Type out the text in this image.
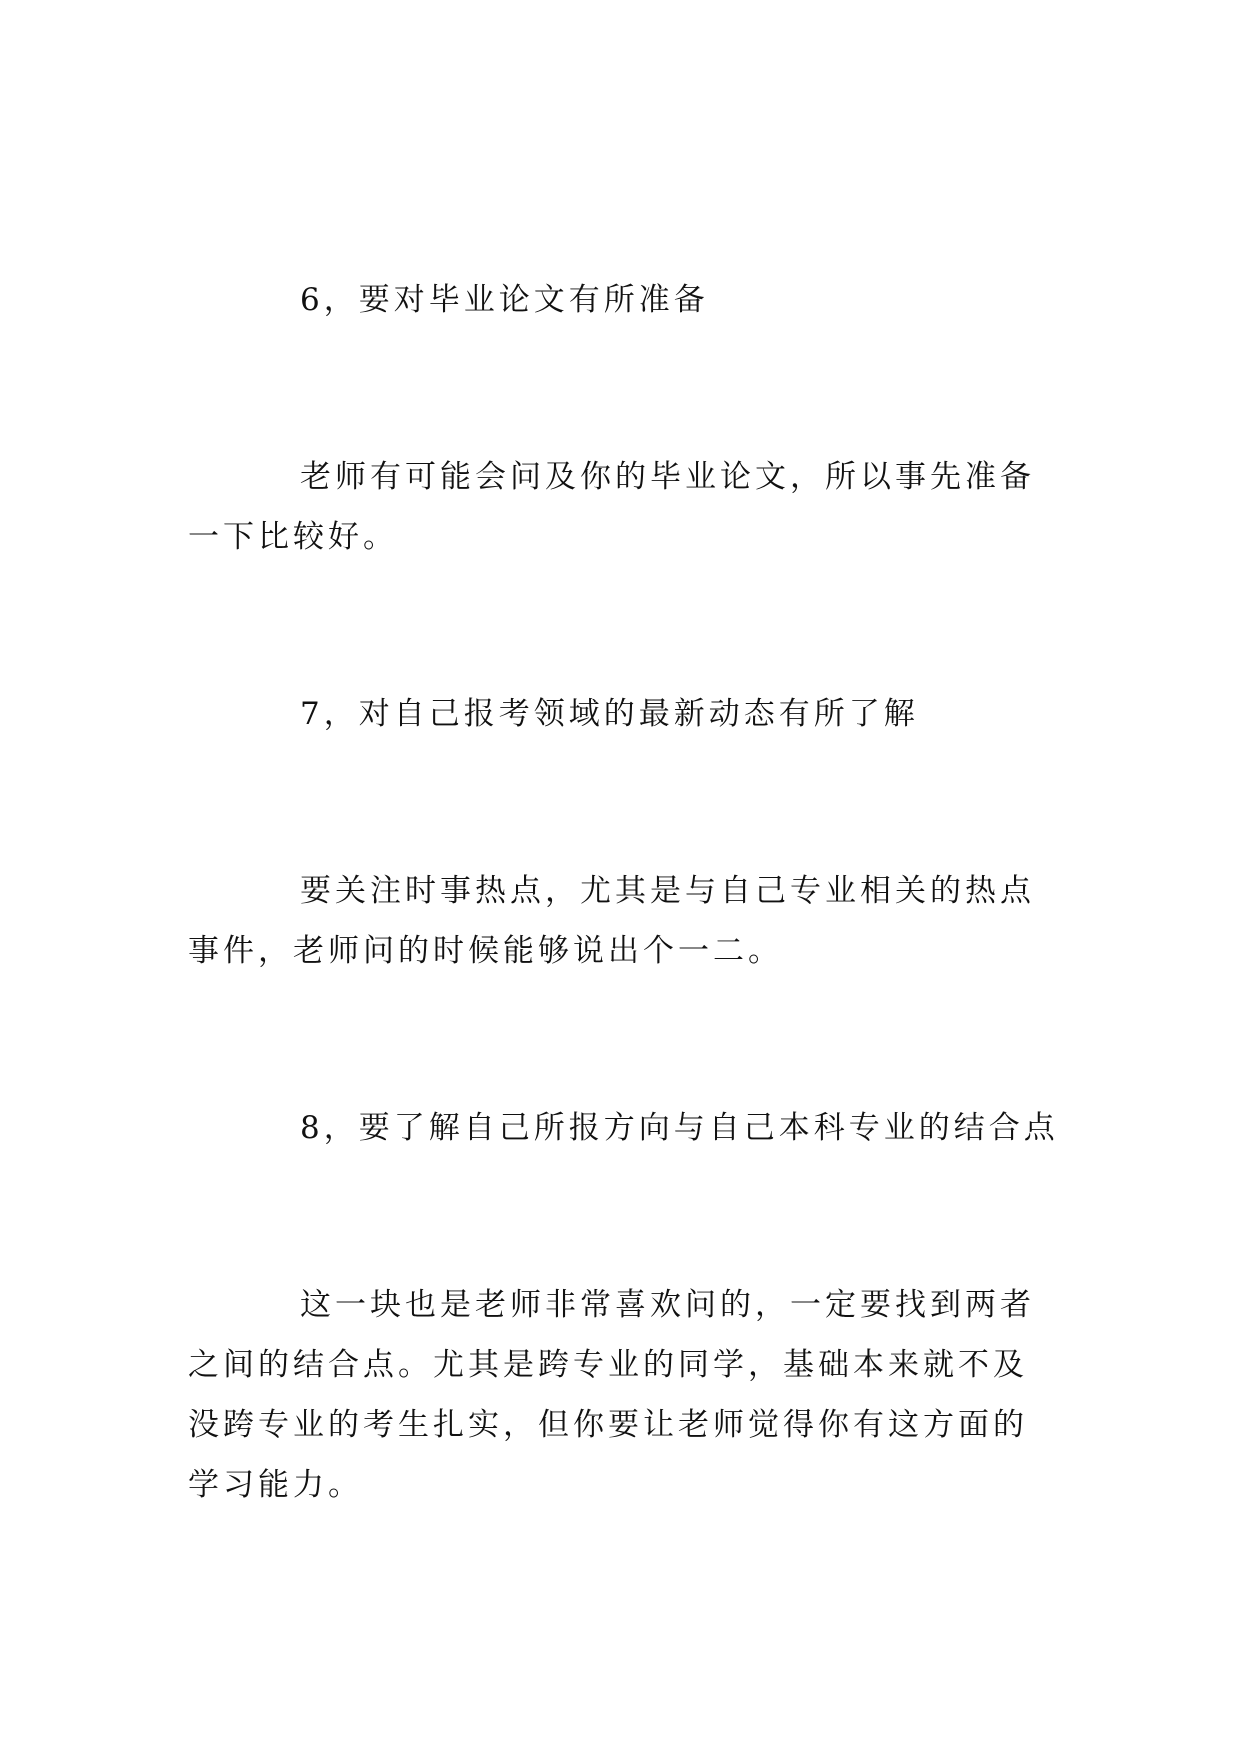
6，要对毕业论文有所准备

老师有可能会问及你的毕业论文，所以事先准备一下比较好。

7，对自己报考领域的最新动态有所了解

要关注时事热点，尤其是与自己专业相关的热点事件，老师问的时候能够说出个一二。

8，要了解自己所报方向与自己本科专业的结合点

这一块也是老师非常喜欢问的，一定要找到两者之间的结合点。尤其是跨专业的同学，基础本来就不及没跨专业的考生扎实，但你要让老师觉得你有这方面的学习能力。
